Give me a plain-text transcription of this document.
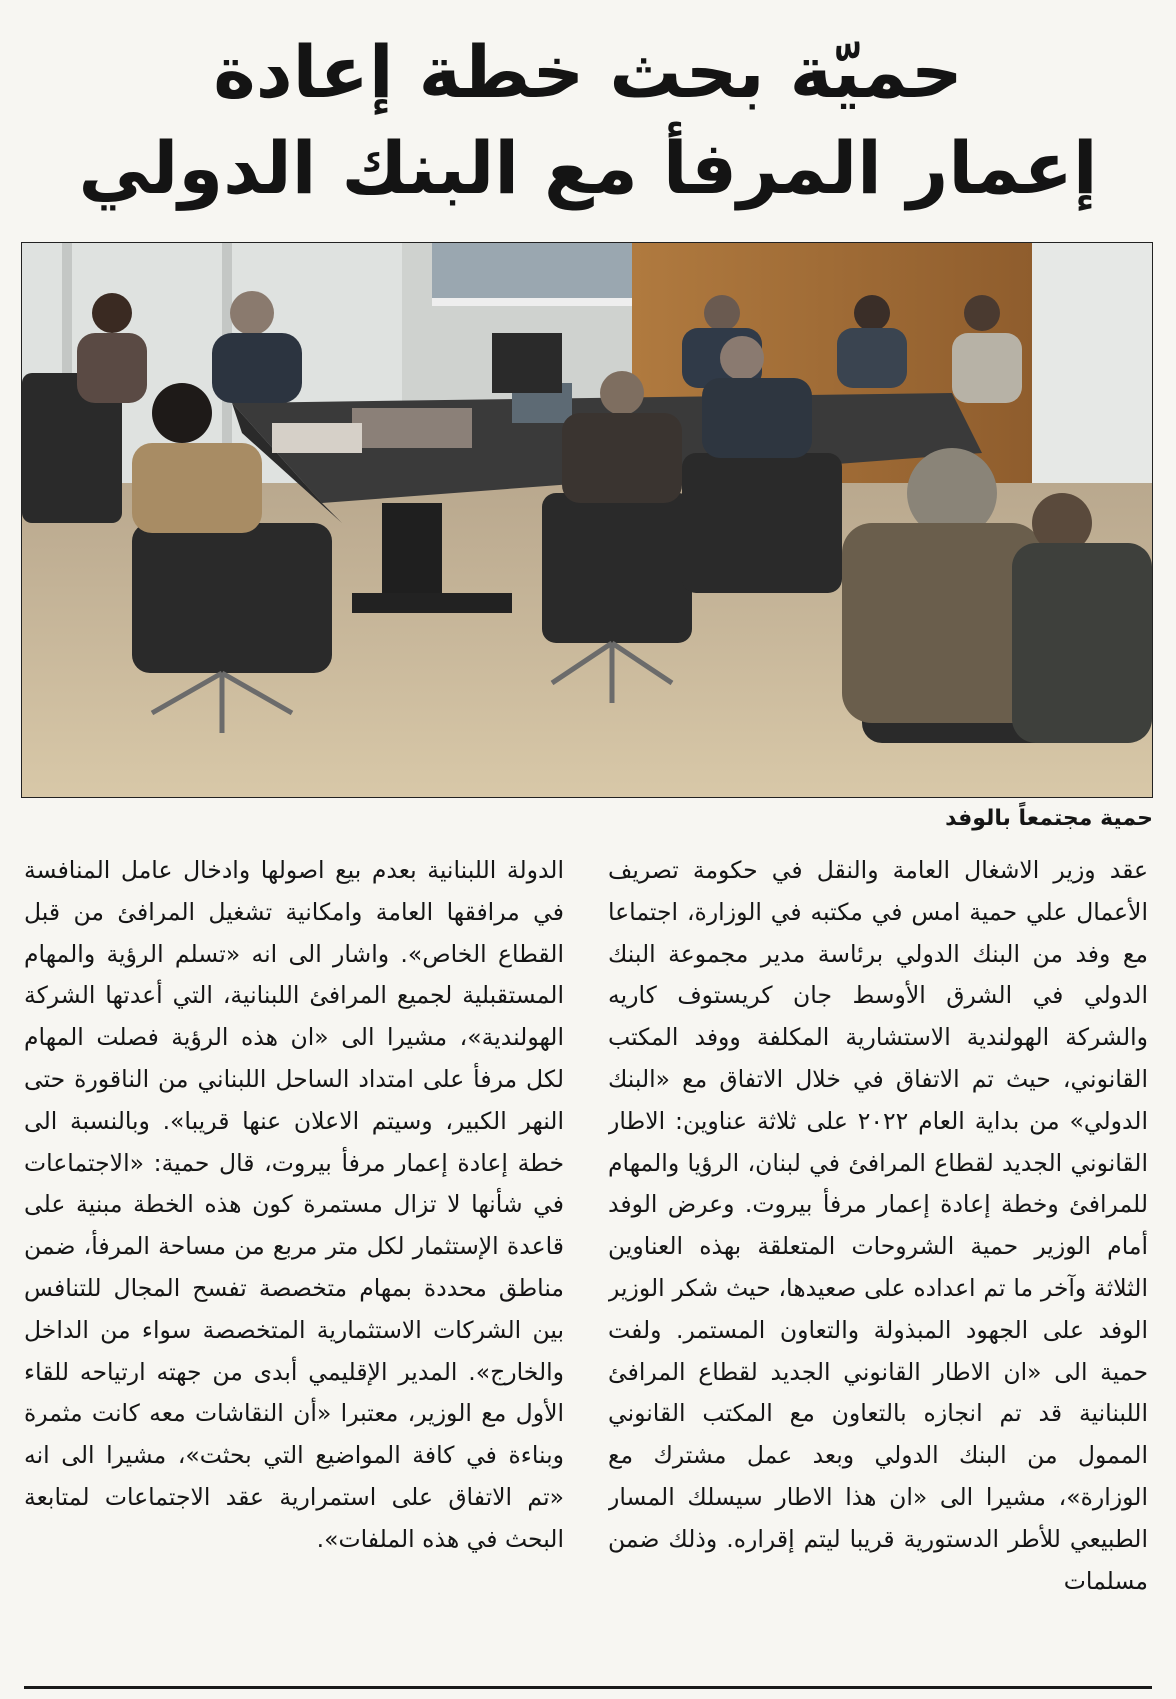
حميّة بحث خطة إعادة
إعمار المرفأ مع البنك الدولي
حمية مجتمعاً بالوفد
عقد وزير الاشغال العامة والنقل في حكومة تصريف الأعمال علي حمية امس في مكتبه في الوزارة، اجتماعا مع وفد من البنك الدولي برئاسة مدير مجموعة البنك الدولي في الشرق الأوسط جان كريستوف كاريه والشركة الهولندية الاستشارية المكلفة ووفد المكتب القانوني، حيث تم الاتفاق في خلال الاتفاق مع «البنك الدولي» من بداية العام ٢٠٢٢ على ثلاثة عناوين: الاطار القانوني الجديد لقطاع المرافئ في لبنان، الرؤيا والمهام للمرافئ وخطة إعادة إعمار مرفأ بيروت. وعرض الوفد أمام الوزير حمية الشروحات المتعلقة بهذه العناوين الثلاثة وآخر ما تم اعداده على صعيدها، حيث شكر الوزير الوفد على الجهود المبذولة والتعاون المستمر. ولفت حمية الى «ان الاطار القانوني الجديد لقطاع المرافئ اللبنانية قد تم انجازه بالتعاون مع المكتب القانوني الممول من البنك الدولي وبعد عمل مشترك مع الوزارة»، مشيرا الى «ان هذا الاطار سيسلك المسار الطبيعي للأطر الدستورية قريبا ليتم إقراره. وذلك ضمن مسلمات
الدولة اللبنانية بعدم بيع اصولها وادخال عامل المنافسة في مرافقها العامة وامكانية تشغيل المرافئ من قبل القطاع الخاص». واشار الى انه «تسلم الرؤية والمهام المستقبلية لجميع المرافئ اللبنانية، التي أعدتها الشركة الهولندية»، مشيرا الى «ان هذه الرؤية فصلت المهام لكل مرفأ على امتداد الساحل اللبناني من الناقورة حتى النهر الكبير، وسيتم الاعلان عنها قريبا». وبالنسبة الى خطة إعادة إعمار مرفأ بيروت، قال حمية: «الاجتماعات في شأنها لا تزال مستمرة كون هذه الخطة مبنية على قاعدة الإستثمار لكل متر مربع من مساحة المرفأ، ضمن مناطق محددة بمهام متخصصة تفسح المجال للتنافس بين الشركات الاستثمارية المتخصصة سواء من الداخل والخارج». المدير الإقليمي أبدى من جهته ارتياحه للقاء الأول مع الوزير، معتبرا «أن النقاشات معه كانت مثمرة وبناءة في كافة المواضيع التي بحثت»، مشيرا الى انه «تم الاتفاق على استمرارية عقد الاجتماعات لمتابعة البحث في هذه الملفات».
